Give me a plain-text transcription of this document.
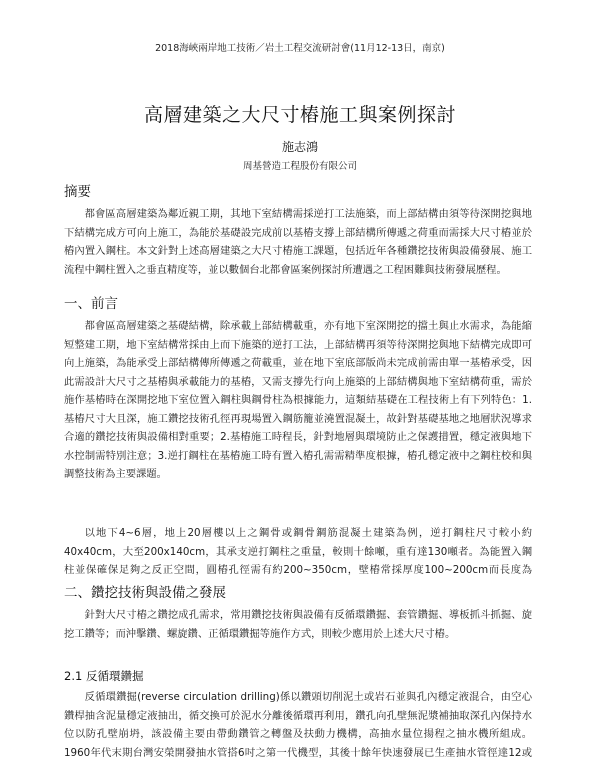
2018海峽兩岸地工技術／岩土工程交流研討會(11月12-13日，南京)
高層建築之大尺寸樁施工與案例探討
施志鴻
周基營造工程股份有限公司
摘要

都會區高層建築為鄰近親工期，其地下室結構需採逆打工法施築，而上部結構由須等待深開挖與地下結構完成方可向上施工，為能於基礎設完成前以基樁支撐上部結構所傳遞之荷重而需採大尺寸樁並於樁內置入鋼柱。本文針對上述高層建築之大尺寸樁施工課題，包括近年各種鑽挖技術與設備發展、施工流程中鋼柱置入之垂直精度等，並以數個台北都會區案例探討所遭遇之工程困難與技術發展歷程。

一、前言

都會區高層建築之基礎結構，除承載上部結構載重，亦有地下室深開挖的擋土與止水需求，為能縮短整建工期，地下室結構常採由上而下施築的逆打工法，上部結構再須等待深開挖與地下結構完成即可向上施築，為能承受上部結構傳所傳遞之荷載重，並在地下室底部版尚未完成前需由單一基樁承受，因此需設計大尺寸之基樁與承載能力的基樁，又需支撐先行向上施築的上部結構與地下室結構荷重，需於施作基樁時在深開挖地下室位置入鋼柱與鋼骨柱為根據能力，這類結基礎在工程技術上有下列特色：1.基樁尺寸大且深，施工鑽挖技術孔徑再現場置入鋼筋籠並澆置混凝土，故針對基礎基地之地層狀況導求合適的鑽挖技術與設備相對重要；2.基樁施工時程長，針對地層與環境防止之保護措置，穩定液與地下水控制需特別注意；3.逆打鋼柱在基樁施工時有置入樁孔需需精準度根據，樁孔穩定液中之鋼柱校和與調整技術為主要課題。

以地下4~6層，地上20層樓以上之鋼骨或鋼骨鋼筋混凝土建築為例，逆打鋼柱尺寸較小約40x40cm，大至200x140cm，其承支逆打鋼柱之重量，較則十餘噸，重有達130噸者。為能置入鋼柱並保確保足夠之反正空間，圓樁孔徑需有約200~350cm，壁樁常採厚度100~200cm而長度為

二、鑽挖技術與設備之發展

針對大尺寸樁之鑽挖成孔需求，常用鑽挖技術與設備有反循環鑽掘、套管鑽掘、導板抓斗抓掘、旋挖工鑽等；而沖擊鑽、螺旋鑽、正循環鑽掘等施作方式，則較少應用於上述大尺寸樁。

2.1 反循環鑽掘

反循環鑽掘(reverse circulation drilling)係以鑽頭切削泥土或岩石並與孔內穩定液混合，由空心鑽桿抽含泥量穩定液抽出，循交換可於泥水分離後循環再利用，鑽孔向孔壁無泥漿補抽取深孔內保持水位以防孔壁崩坍，該設備主要由帶動鑽管之轉盤及扶動力機構，高抽水量位揚程之抽水機所組成。1960年代末期台灣安榮開發抽水管搭6吋之第一代機型，其後十餘年快速發展已生產抽水管徑達12或
